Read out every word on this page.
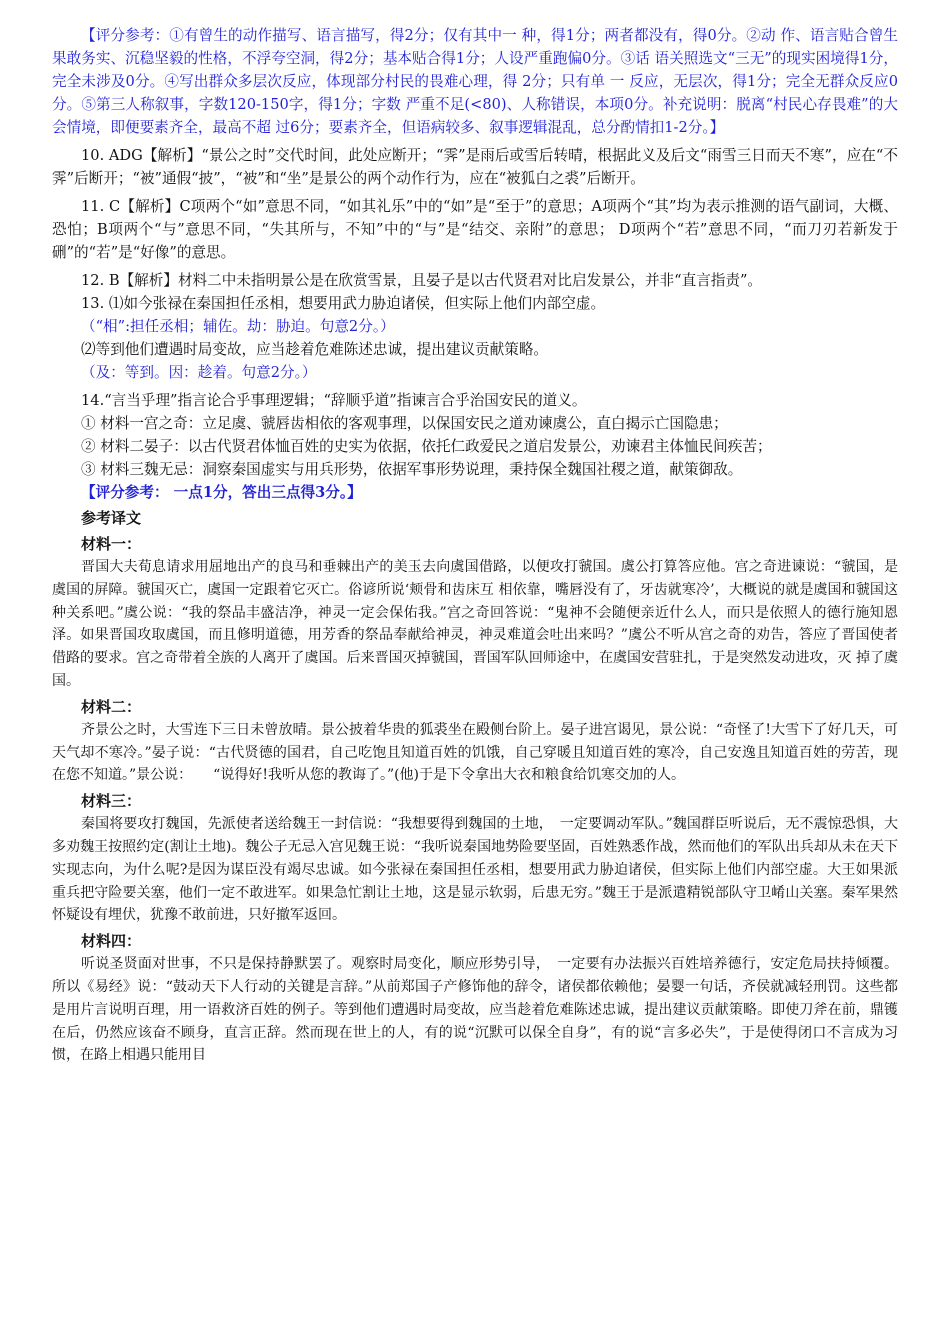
【评分参考：①有曾生的动作描写、语言描写，得2分；仅有其中一 种，得1分；两者都没有，得0分。②动 作、语言贴合曾生果敢务实、沉稳坚毅的性格，不浮夸空洞，得2分；基本贴合得1分；人设严重跑偏0分。③话 语关照选文“三无”的现实困境得1分，完全未涉及0分。④写出群众多层次反应，体现部分村民的畏难心理，得 2分；只有单 一 反应，无层次，得1分；完全无群众反应0分。⑤第三人称叙事，字数120-150字，得1分；字数 严重不足(<80)、人称错误，本项0分。补充说明：脱离“村民心存畏难”的大会情境，即便要素齐全，最高不超 过6分；要素齐全，但语病较多、叙事逻辑混乱，总分酌情扣1-2分。】

10. ADG【解析】“景公之时”交代时间，此处应断开；“霁”是雨后或雪后转晴，根据此义及后文“雨雪三日而天不寒”，应在“不霁”后断开；“被”通假“披”，“被”和“坐”是景公的两个动作行为，应在“被狐白之裘”后断开。

11. C【解析】C项两个“如”意思不同，“如其礼乐”中的“如”是“至于”的意思；A项两个“其”均为表示推测的语气副词，大概、恐怕；B项两个“与”意思不同，“失其所与，不知”中的“与”是“结交、亲附”的意思； D项两个“若”意思不同，“而刀刃若新发于硎”的“若”是“好像”的意思。

12. B【解析】材料二中未指明景公是在欣赏雪景，且晏子是以古代贤君对比启发景公，并非“直言指责”。

13. ⑴如今张禄在秦国担任丞相，想要用武力胁迫诸侯，但实际上他们内部空虚。

（“相”:担任丞相；辅佐。劫：胁迫。句意2分。）

⑵等到他们遭遇时局变故，应当趁着危难陈述忠诚，提出建议贡献策略。

（及：等到。因：趁着。句意2分。）

14.“言当乎理”指言论合乎事理逻辑；“辞顺乎道”指谏言合乎治国安民的道义。

① 材料一宫之奇：立足虞、虢唇齿相依的客观事理，以保国安民之道劝谏虞公，直白揭示亡国隐患；

② 材料二晏子：以古代贤君体恤百姓的史实为依据，依托仁政爱民之道启发景公，劝谏君主体恤民间疾苦；

③ 材料三魏无忌：洞察秦国虚实与用兵形势，依据军事形势说理，秉持保全魏国社稷之道，献策御敌。

【评分参考： 一点1分，答出三点得3分。】

参考译文

材料一：

晋国大夫荀息请求用屈地出产的良马和垂棘出产的美玉去向虞国借路，以便攻打虢国。虞公打算答应他。宫之奇进谏说：“虢国，是虞国的屏障。虢国灭亡，虞国一定跟着它灭亡。俗谚所说‘颊骨和齿床互 相依靠，嘴唇没有了，牙齿就寒冷’，大概说的就是虞国和虢国这种关系吧。”虞公说：“我的祭品丰盛洁净，神灵一定会保佑我。”宫之奇回答说：“鬼神不会随便亲近什么人，而只是依照人的德行施知恩泽。如果晋国攻取虞国，而且修明道德，用芳香的祭品奉献给神灵，神灵难道会吐出来吗？”虞公不听从宫之奇的劝告，答应了晋国使者借路的要求。宫之奇带着全族的人离开了虞国。后来晋国灭掉虢国，晋国军队回师途中，在虞国安营驻扎，于是突然发动进攻，灭 掉了虞国。

材料二：

齐景公之时，大雪连下三日未曾放晴。景公披着华贵的狐裘坐在殿侧台阶上。晏子进宫谒见，景公说：“奇怪了!大雪下了好几天，可天气却不寒冷。”晏子说：“古代贤德的国君，自己吃饱且知道百姓的饥饿，自己穿暖且知道百姓的寒冷，自己安逸且知道百姓的劳苦，现在您不知道。”景公说：　　“说得好!我听从您的教诲了。”(他)于是下令拿出大衣和粮食给饥寒交加的人。

材料三：

秦国将要攻打魏国，先派使者送给魏王一封信说：“我想要得到魏国的土地，　一定要调动军队。”魏国群臣听说后，无不震惊恐惧，大多劝魏王按照约定(割让土地)。魏公子无忌入宫见魏王说：“我听说秦国地势险要坚固，百姓熟悉作战，然而他们的军队出兵却从未在天下实现志向，为什么呢?是因为谋臣没有竭尽忠诚。如今张禄在秦国担任丞相，想要用武力胁迫诸侯，但实际上他们内部空虚。大王如果派重兵把守险要关塞，他们一定不敢进军。如果急忙割让土地，这是显示软弱，后患无穷。”魏王于是派遣精锐部队守卫崤山关塞。秦军果然怀疑设有埋伏，犹豫不敢前进，只好撤军返回。

材料四：

听说圣贤面对世事，不只是保持静默罢了。观察时局变化，顺应形势引导，　一定要有办法振兴百姓培养德行，安定危局扶持倾覆。所以《易经》说：“鼓动天下人行动的关键是言辞。”从前郑国子产修饰他的辞令，诸侯都依赖他；晏婴一句话，齐侯就减轻刑罚。这些都是用片言说明百理，用一语救济百姓的例子。等到他们遭遇时局变故，应当趁着危难陈述忠诚，提出建议贡献策略。即使刀斧在前，鼎镬在后，仍然应该奋不顾身，直言正辞。然而现在世上的人，有的说“沉默可以保全自身”，有的说“言多必失”，于是使得闭口不言成为习惯，在路上相遇只能用目
